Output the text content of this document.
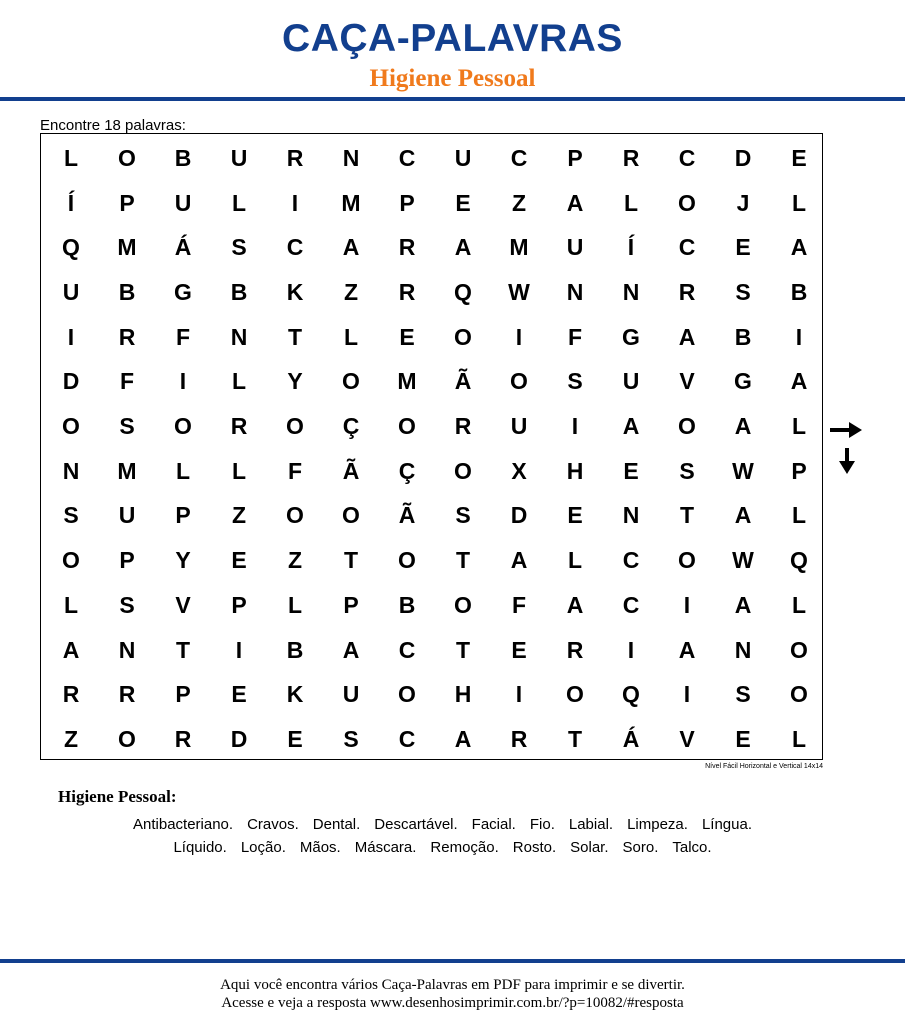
CAÇA-PALAVRAS
Higiene Pessoal
Encontre 18 palavras:
L	O	B	U	R	N	C	U	C	P	R	C	D	E
Í	P	U	L	I	M	P	E	Z	A	L	O	J	L
Q	M	Á	S	C	A	R	A	M	U	Í	C	E	A
U	B	G	B	K	Z	R	Q	W	N	N	R	S	B
I	R	F	N	T	L	E	O	I	F	G	A	B	I
D	F	I	L	Y	O	M	Ã	O	S	U	V	G	A
O	S	O	R	O	Ç	O	R	U	I	A	O	A	L
N	M	L	L	F	Ã	Ç	O	X	H	E	S	W	P
S	U	P	Z	O	O	Ã	S	D	E	N	T	A	L
O	P	Y	E	Z	T	O	T	A	L	C	O	W	Q
L	S	V	P	L	P	B	O	F	A	C	I	A	L
A	N	T	I	B	A	C	T	E	R	I	A	N	O
R	R	P	E	K	U	O	H	I	O	Q	I	S	O
Z	O	R	D	E	S	C	A	R	T	Á	V	E	L
Nível Fácil Horizontal e Vertical 14x14
Higiene Pessoal:
Antibacteriano. Cravos. Dental. Descartável. Facial. Fio. Labial. Limpeza. Língua.
Líquido. Loção. Mãos. Máscara. Remoção. Rosto. Solar. Soro. Talco.
Aqui você encontra vários Caça-Palavras em PDF para imprimir e se divertir.
Acesse e veja a resposta www.desenhosimprimir.com.br/?p=10082/#resposta
